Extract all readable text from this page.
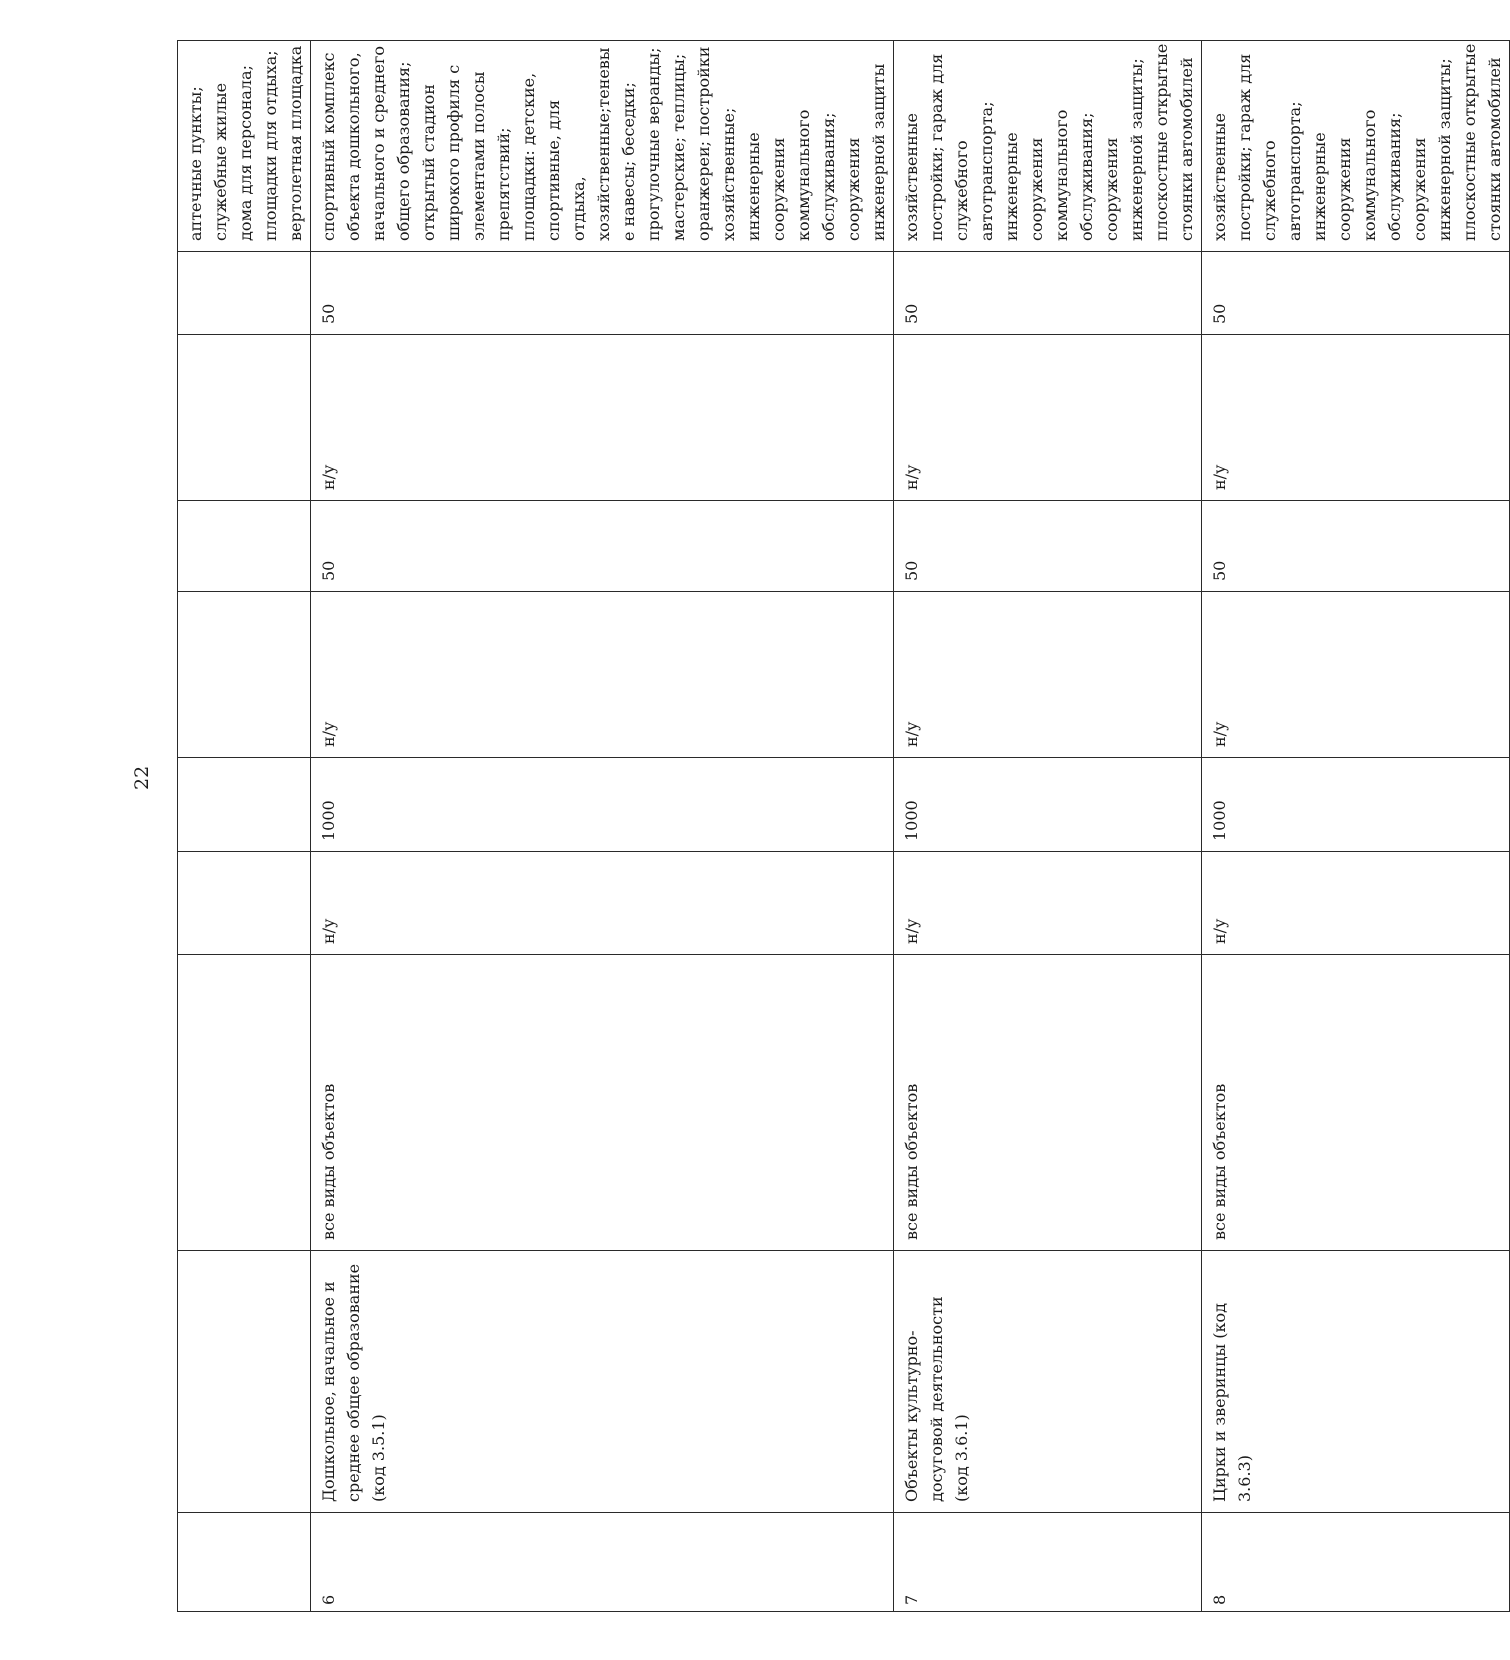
22
									аптечные пункты; служебные жилые дома для персонала; площадки для отдыха; вертолетная площадка
6	Дошкольное, начальное и среднее общее образование (код 3.5.1)	все виды объектов	н/у	1000	н/у	50	н/у	50	спортивный комплекс объекта дошкольного, начального и среднего общего образования; открытый стадион широкого профиля с элементами полосы препятствий; площадки: детские, спортивные, для отдыха, хозяйственные;теневые навесы; беседки; прогулочные веранды; мастерские; теплицы; оранжереи; постройки хозяйственные; инженерные сооружения коммунального обслуживания; сооружения инженерной защиты
7	Объекты культурно-досуговой деятельности (код 3.6.1)	все виды объектов	н/у	1000	н/у	50	н/у	50	хозяйственные постройки; гараж для служебного автотранспорта; инженерные сооружения коммунального обслуживания; сооружения инженерной защиты; плоскостные открытые стоянки автомобилей
8	Цирки и зверинцы (код 3.6.3)	все виды объектов	н/у	1000	н/у	50	н/у	50	хозяйственные постройки; гараж для служебного автотранспорта; инженерные сооружения коммунального обслуживания; сооружения инженерной защиты; плоскостные открытые стоянки автомобилей
